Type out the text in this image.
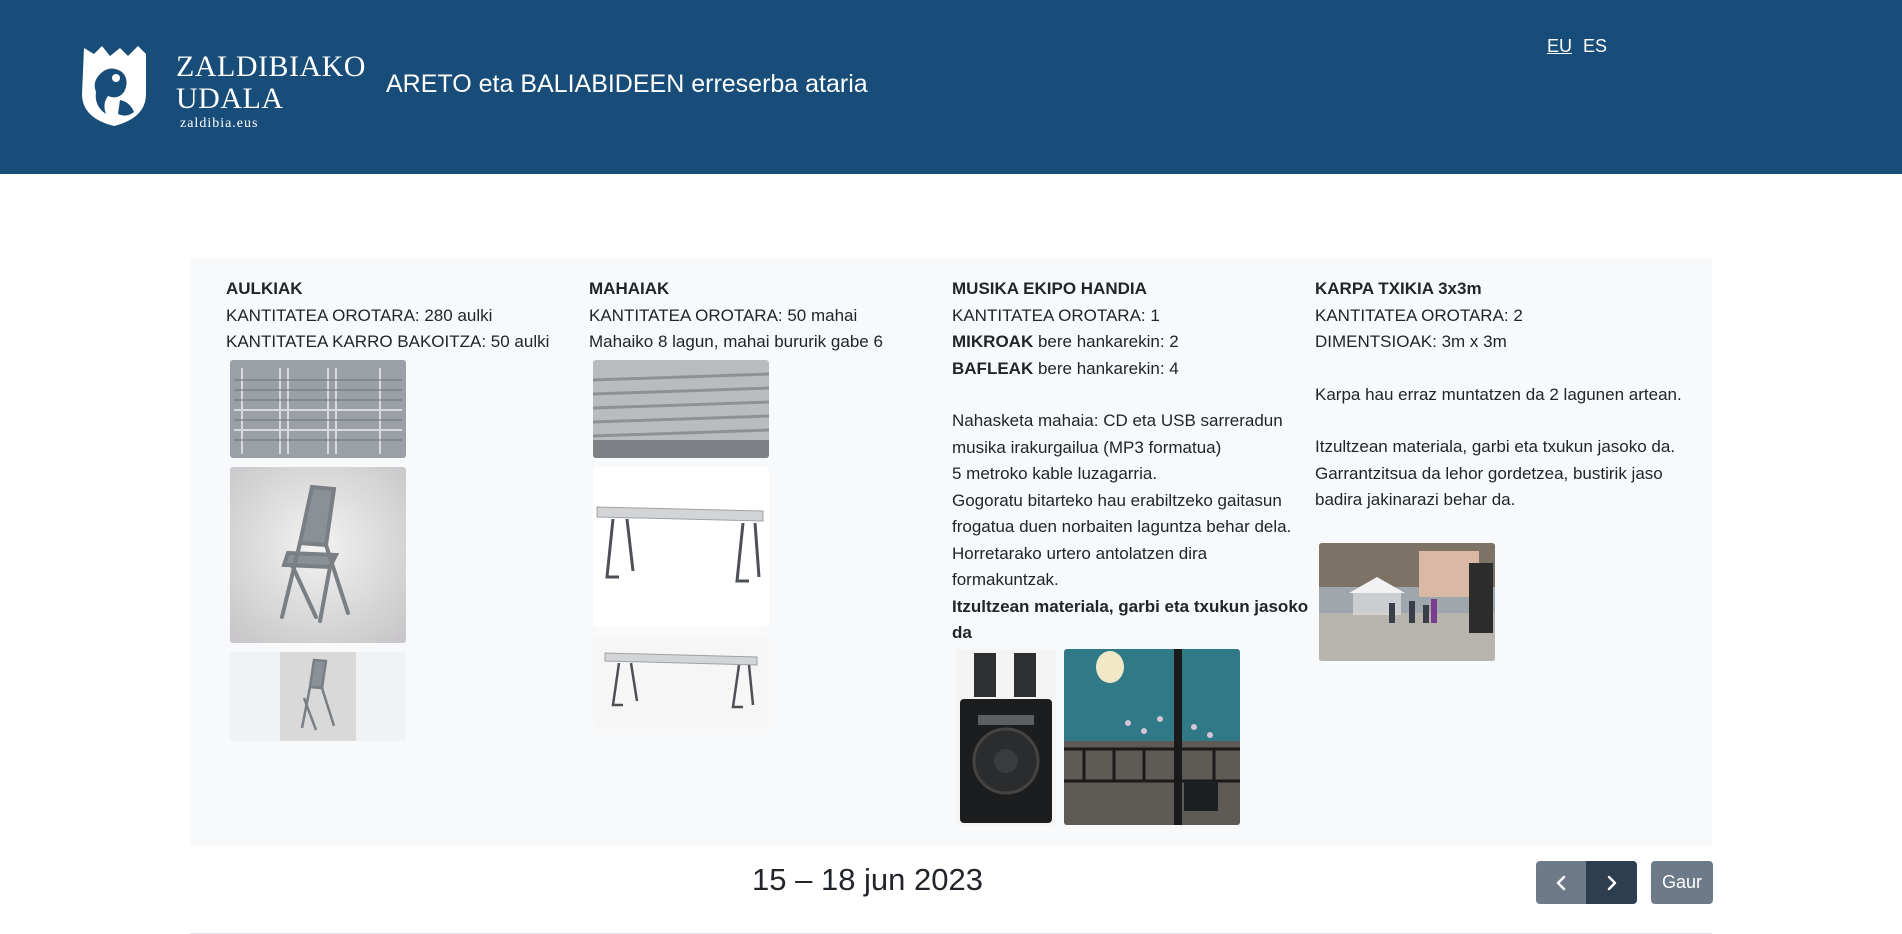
ZALDIBIAKO
UDALA
zaldibia.eus
ARETO eta BALIABIDEEN erreserba ataria
EU ES

AULKIAK

KANTITATEA OROTARA: 280 aulki

KANTITATEA KARRO BAKOITZA: 50 aulki

MAHAIAK

KANTITATEA OROTARA: 50 mahai

Mahaiko 8 lagun, mahai bururik gabe 6

MUSIKA EKIPO HANDIA

KANTITATEA OROTARA: 1

MIKROAK bere hankarekin: 2

BAFLEAK bere hankarekin: 4

Nahasketa mahaia: CD eta USB sarreradun musika irakurgailua (MP3 formatua)

5 metroko kable luzagarria.

Gogoratu bitarteko hau erabiltzeko gaitasun frogatua duen norbaiten laguntza behar dela. Horretarako urtero antolatzen dira formakuntzak.

Itzultzean materiala, garbi eta txukun jasoko da

KARPA TXIKIA 3x3m

KANTITATEA OROTARA: 2

DIMENTSIOAK: 3m x 3m

Karpa hau erraz muntatzen da 2 lagunen artean.

Itzultzean materiala, garbi eta txukun jasoko da. Garrantzitsua da lehor gordetzea, bustirik jaso badira jakinarazi behar da.

15 – 18 jun 2023	Gaur
